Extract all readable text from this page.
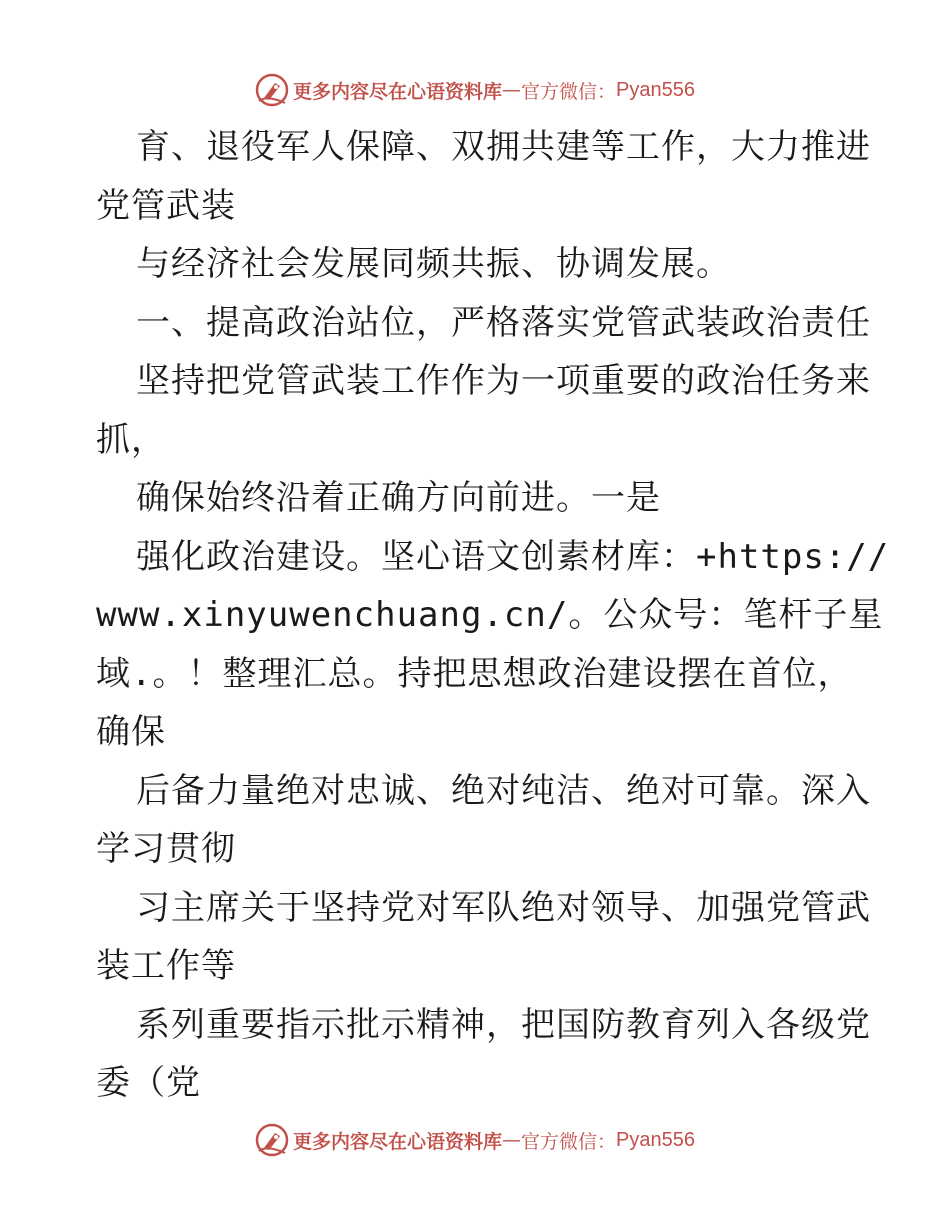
更多内容尽在心语资料库 — 官方微信： Pyan556
育、退役军人保障、双拥共建等工作，大力推进
党管武装
与经济社会发展同频共振、协调发展。
一、提高政治站位，严格落实党管武装政治责任
坚持把党管武装工作作为一项重要的政治任务来
抓，
确保始终沿着正确方向前进。一是
强化政治建设。坚心语文创素材库：+https://
www.xinyuwenchuang.cn/。公众号：笔杆子星
域.。！整理汇总。持把思想政治建设摆在首位，
确保
后备力量绝对忠诚、绝对纯洁、绝对可靠。深入
学习贯彻
习主席关于坚持党对军队绝对领导、加强党管武
装工作等
系列重要指示批示精神，把国防教育列入各级党
委（党
更多内容尽在心语资料库 — 官方微信： Pyan556
